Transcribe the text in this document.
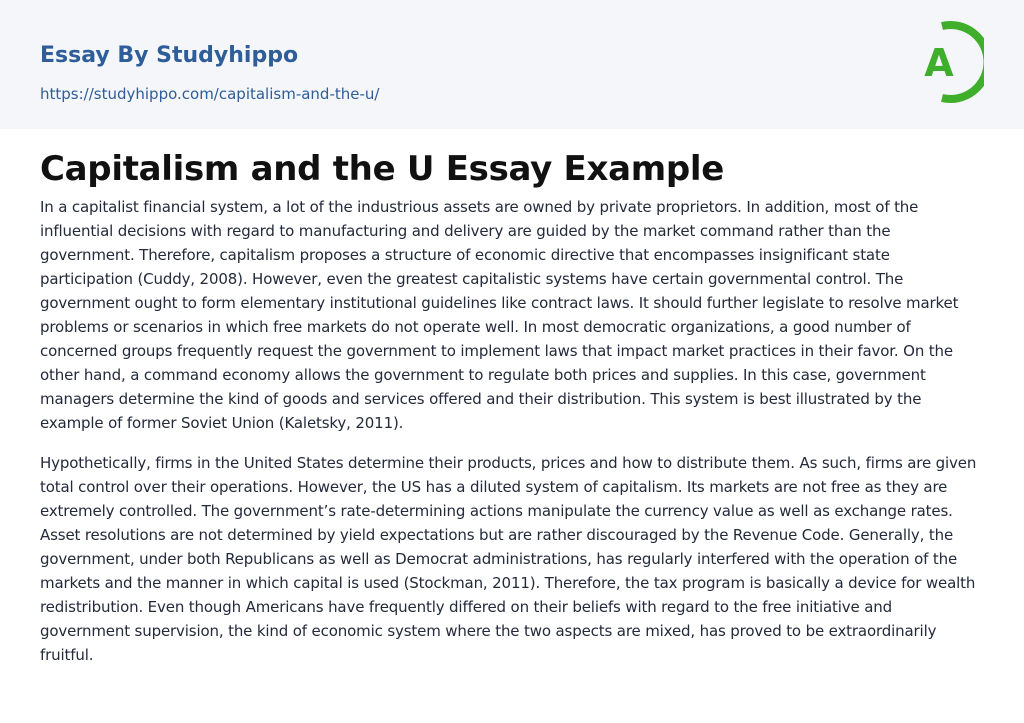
Essay By Studyhippo

https://studyhippo.com/capitalism-and-the-u/
A
Capitalism and the U Essay Example

In a capitalist financial system, a lot of the industrious assets are owned by private proprietors. In addition, most of the influential decisions with regard to manufacturing and delivery are guided by the market command rather than the government. Therefore, capitalism proposes a structure of economic directive that encompasses insignificant state participation (Cuddy, 2008). However, even the greatest capitalistic systems have certain governmental control. The government ought to form elementary institutional guidelines like contract laws. It should further legislate to resolve market problems or scenarios in which free markets do not operate well. In most democratic organizations, a good number of concerned groups frequently request the government to implement laws that impact market practices in their favor. On the other hand, a command economy allows the government to regulate both prices and supplies. In this case, government managers determine the kind of goods and services offered and their distribution. This system is best illustrated by the example of former Soviet Union (Kaletsky, 2011).

Hypothetically, firms in the United States determine their products, prices and how to distribute them. As such, firms are given total control over their operations. However, the US has a diluted system of capitalism. Its markets are not free as they are extremely controlled. The government’s rate-determining actions manipulate the currency value as well as exchange rates. Asset resolutions are not determined by yield expectations but are rather discouraged by the Revenue Code. Generally, the government, under both Republicans as well as Democrat administrations, has regularly interfered with the operation of the markets and the manner in which capital is used (Stockman, 2011). Therefore, the tax program is basically a device for wealth redistribution. Even though Americans have frequently differed on their beliefs with regard to the free initiative and government supervision, the kind of economic system where the two aspects are mixed, has proved to be extraordinarily fruitful.
